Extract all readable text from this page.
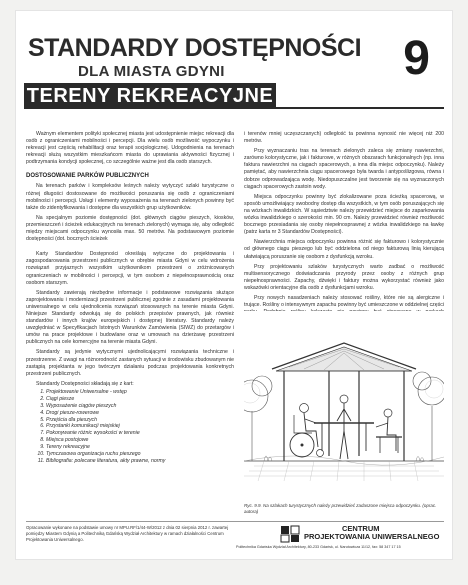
STANDARDY DOSTĘPNOŚCI
DLA MIASTA GDYNI	9
TERENY REKREACYJNE

Ważnym elementem polityki społecznej miasta jest udostępnienie miejsc rekreacji dla osób z ograniczeniami mobilności i percepcji. Dla wielu osób możliwość wypoczynku i rekreacji jest częścią rehabilitacji oraz terapii socjologicznej. Udogodnienia na terenach rekreacji służą wszystkim mieszkańcom miasta do uprawiania aktywności fizycznej i podtrzymania kondycji społecznej, co szczególnie ważne jest dla osób starszych.

DOSTOSOWANIE PARKÓW PUBLICZNYCH

Na terenach parków i kompleksów leśnych należy wytyczyć szlaki turystyczne o różnej długości dostosowane do możliwości poruszania się osób z ograniczeniami mobilności i percepcji. Usługi i elementy wyposażenia na terenach zielonych powinny być także do zidentyfikowania i dostępne dla wszystkich grup użytkowników.

Na specjalnym poziomie dostępności (dot. głównych ciągów pieszych, kiosków, przemieszczeń i ścieżek edukacyjnych na terenach zielonych) wymaga się, aby odległość między miejscami odpoczynku wynosiła max. 50 metrów. Na podstawowym poziomie dostępności (dot. bocznych ścieżek

Karty Standardów Dostępności określają wytyczne do projektowania i zagospodarowania przestrzeni publicznych w obrębie miasta Gdyni w celu wdrożenia rozwiązań przyjaznych wszystkim użytkownikom przestrzeni o zróżnicowanych ograniczeniach w mobilności i percepcji, w tym osobom z niepełnosprawnością oraz osobom starszym.

Standardy zawierają niezbędne informacje i podstawowe rozwiązania służące zaprojektowaniu i modernizacji przestrzeni publicznej zgodnie z zasadami projektowania uniwersalnego w celu ujednolicenia rozwiązań stosowanych na terenie miasta Gdyni. Niniejsze Standardy odwołują się do polskich przepisów prawnych, jak również standardów i innych krajów europejskich i dostępnej literatury. Standardy należy uwzględniać w Specyfikacjach Istotnych Warunków Zamówienia (SIWZ) do przetargów i umów na prace projektowe i budowlane oraz w umowach na dzierżawę przestrzeni publicznych na cele komercyjne na terenie miasta Gdyni.

Standardy są jedynie wytycznymi ujednolicającymi rozwiązania techniczne i przestrzenne. Z uwagi na różnorodność zastanych sytuacji w środowisku zbudowanym nie zastąpią projektanta w jego twórczym działaniu podczas projektowania konkretnych przestrzeni publicznych.

Standardy Dostępności składają się z kart:

1. Projektowanie Uniwersalne - wstęp
2. Ciągi piesze
3. Wyposażenie ciągów pieszych
4. Drogi piesze-rowerowe
5. Przejścia dla pieszych
6. Przystanki komunikacji miejskiej
7. Pokonywanie różnic wysokości w terenie
8. Miejsca postojowe
9. Tereny rekreacyjne
10. Tymczasowa organizacja ruchu pieszego
11. Bibliografia: polecane literatura, akty prawne, normy

i terenów mniej uczęszczanych) odległość ta powinna wynosić nie więcej niż 200 metrów.

Przy wyznaczaniu tras na terenach zielonych zaleca się zmiany nawierzchni, zarówno kolorystyczne, jak i fakturowe, w różnych obszarach funkcjonalnych (np. inna faktura nawierzchni na ciągach spacerowych, a inna dla miejsc odpoczynku). Należy pamiętać, aby nawierzchnia ciągu spacerowego była twarda i antypoślizgowa, równa i dobrze odprowadzająca wodę. Niedopuszczalne jest tworzenie się na wyznaczonych ciągach spacerowych zastoin wody.

Miejsca odpoczynku powinny być zlokalizowane poza ścieżką spacerową, w sposób umożliwiający swobodny dostęp dla wszystkich, w tym osób poruszających się na wózkach inwalidzkich. W sąsiedztwie należy przewidzieć miejsce do zaparkowania wózka inwalidzkiego o szerokości min. 90 cm. Należy przewidzieć również możliwość bocznego przesiadania się osoby niepełnosprawnej z wózka inwalidzkiego na ławkę (patrz karta nr 3 Standardów Dostępności).

Nawierzchnia miejsca odpoczynku powinna różnić się fakturowo i kolorystycznie od głównego ciągu pieszego lub być oddzielona od niego fakturową linią kierującą ułatwiającą poruszanie się osobom z dysfunkcją wzroku.

Przy projektowaniu szlaków turystycznych warto zadbać o możliwość multisensorycznego doświadczania przyrody przez osoby z różnych grup niepełnosprawności. Zapachy, dźwięki i faktury można wykorzystać również jako wskazówki orientacyjne dla osób z dysfunkcjami wzroku.

Przy nowych nasadzeniach należy stosować rośliny, które nie są alergiczne i trujące. Rośliny o intensywnym zapachu powinny być umieszczone w oddzielnej części

Ryc. 9.9. Na szlakach turystycznych należy przewidzieć zadaszone miejsca odpoczynku. (oprac. autora)
Opracowanie wykonane na podstawie umowy nr MPU.RF/1/44-W/2012 z dnia 02 sierpnia 2012 r. zawartej pomiędzy Miastem Gdynią a Politechniką Gdańską Wydział Architektury w ramach działalności Centrum Projektowania Uniwersalnego.
CENTRUM
PROJEKTOWANIA UNIWERSALNEGO
Politechnika Gdańska Wydział Architektury, 80-233 Gdańsk, ul. Narutowicza 11/12, fax: 58 347 17 15
